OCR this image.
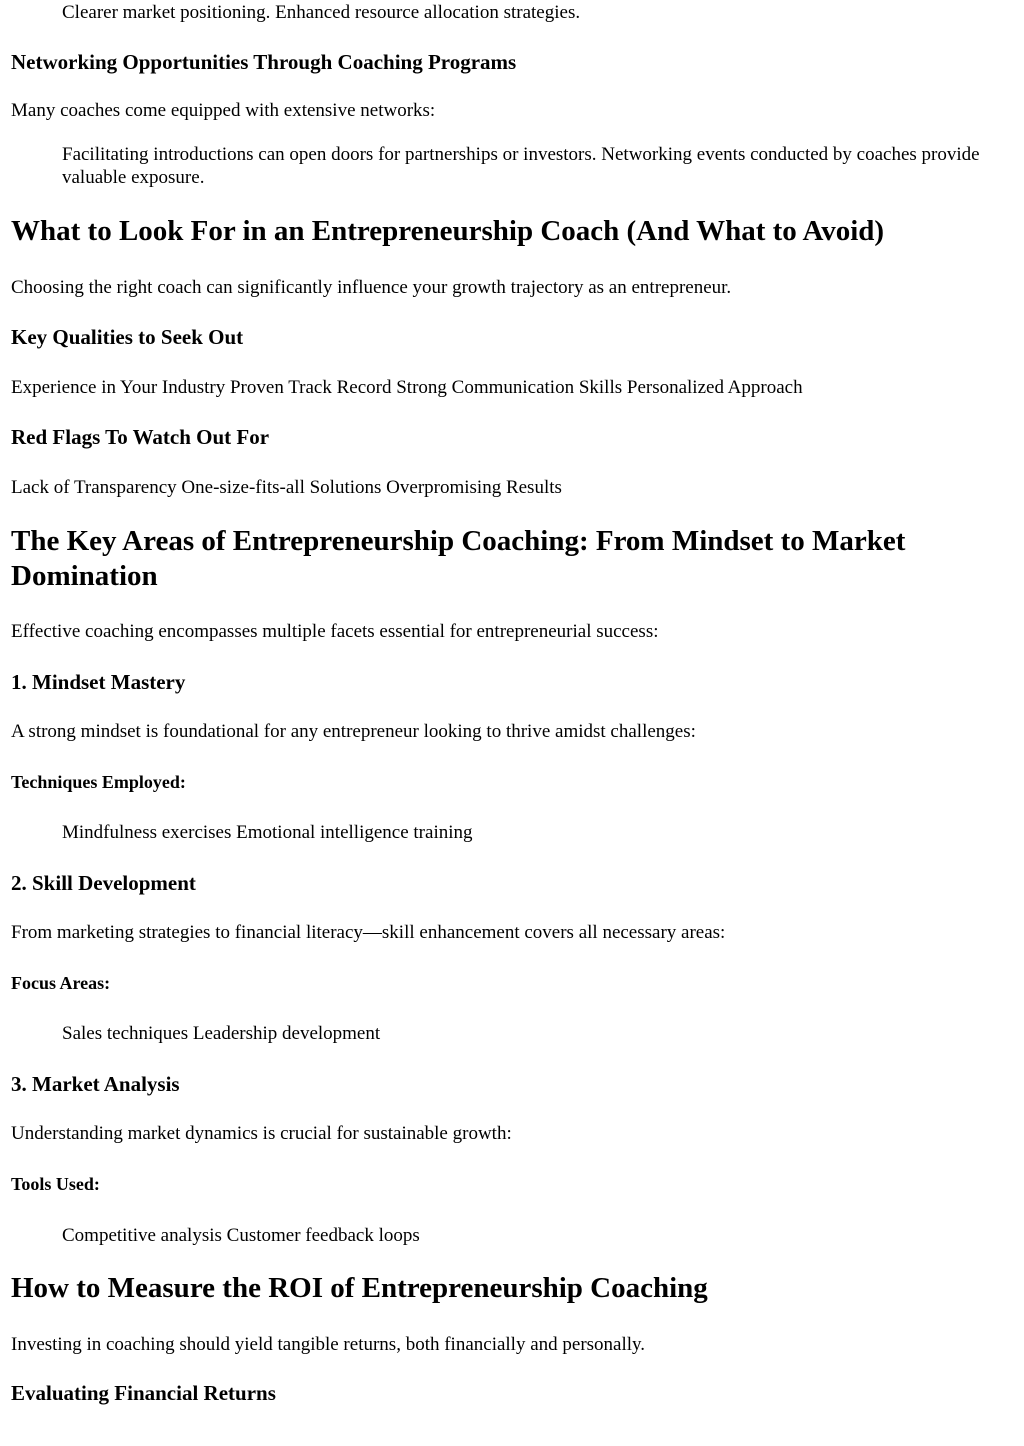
Clearer market positioning. Enhanced resource allocation strategies.

Networking Opportunities Through Coaching Programs

Many coaches come equipped with extensive networks:

Facilitating introductions can open doors for partnerships or investors. Networking events conducted by coaches provide valuable exposure.

What to Look For in an Entrepreneurship Coach (And What to Avoid)

Choosing the right coach can significantly influence your growth trajectory as an entrepreneur.

Key Qualities to Seek Out

Experience in Your Industry Proven Track Record Strong Communication Skills Personalized Approach

Red Flags To Watch Out For

Lack of Transparency One-size-fits-all Solutions Overpromising Results

The Key Areas of Entrepreneurship Coaching: From Mindset to Market Domination

Effective coaching encompasses multiple facets essential for entrepreneurial success:

1. Mindset Mastery

A strong mindset is foundational for any entrepreneur looking to thrive amidst challenges:

Techniques Employed:

Mindfulness exercises Emotional intelligence training

2. Skill Development

From marketing strategies to financial literacy—skill enhancement covers all necessary areas:

Focus Areas:

Sales techniques Leadership development

3. Market Analysis

Understanding market dynamics is crucial for sustainable growth:

Tools Used:

Competitive analysis Customer feedback loops

How to Measure the ROI of Entrepreneurship Coaching

Investing in coaching should yield tangible returns, both financially and personally.

Evaluating Financial Returns
